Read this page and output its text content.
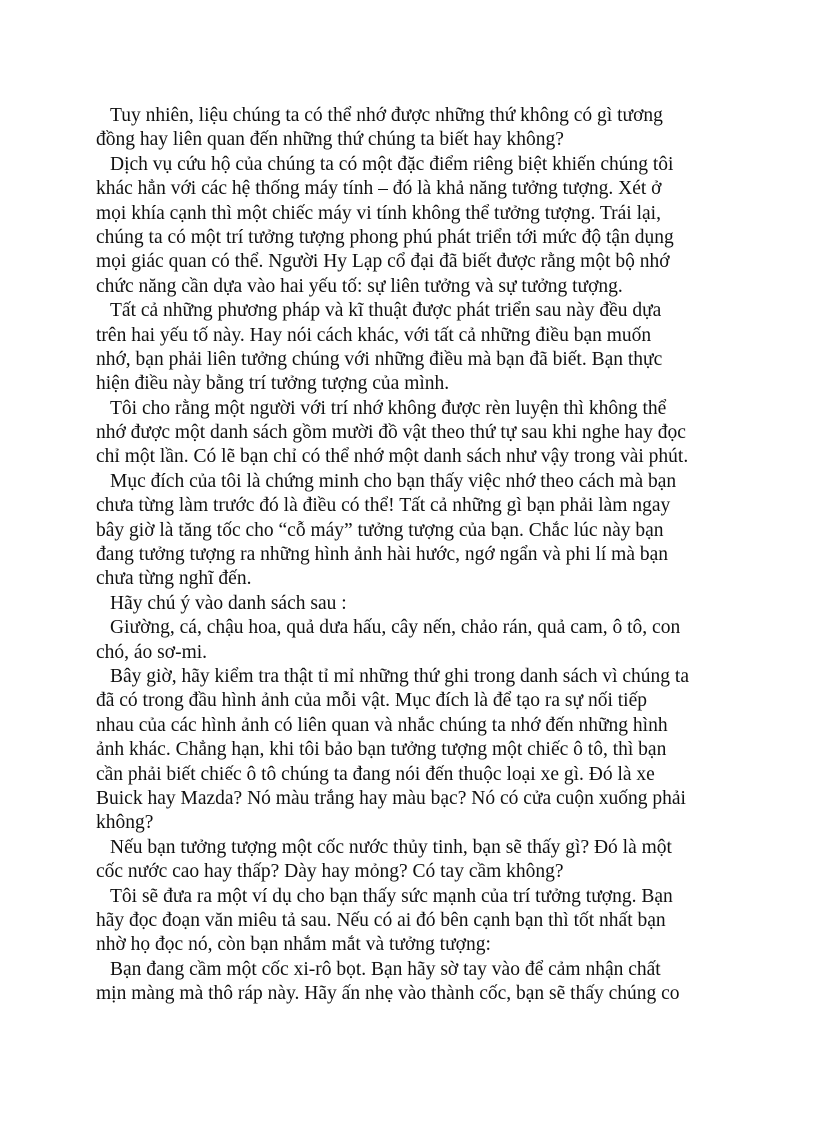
Tuy nhiên, liệu chúng ta có thể nhớ được những thứ không có gì tương
đồng hay liên quan đến những thứ chúng ta biết hay không?
Dịch vụ cứu hộ của chúng ta có một đặc điểm riêng biệt khiến chúng tôi
khác hẳn với các hệ thống máy tính – đó là khả năng tưởng tượng. Xét ở
mọi khía cạnh thì một chiếc máy vi tính không thể tưởng tượng. Trái lại,
chúng ta có một trí tưởng tượng phong phú phát triển tới mức độ tận dụng
mọi giác quan có thể. Người Hy Lạp cổ đại đã biết được rằng một bộ nhớ
chức năng cần dựa vào hai yếu tố: sự liên tưởng và sự tưởng tượng.
Tất cả những phương pháp và kĩ thuật được phát triển sau này đều dựa
trên hai yếu tố này. Hay nói cách khác, với tất cả những điều bạn muốn
nhớ, bạn phải liên tưởng chúng với những điều mà bạn đã biết. Bạn thực
hiện điều này bằng trí tưởng tượng của mình.
Tôi cho rằng một người với trí nhớ không được rèn luyện thì không thể
nhớ được một danh sách gồm mười đồ vật theo thứ tự sau khi nghe hay đọc
chỉ một lần. Có lẽ bạn chỉ có thể nhớ một danh sách như vậy trong vài phút.
Mục đích của tôi là chứng minh cho bạn thấy việc nhớ theo cách mà bạn
chưa từng làm trước đó là điều có thể! Tất cả những gì bạn phải làm ngay
bây giờ là tăng tốc cho “cỗ máy” tưởng tượng của bạn. Chắc lúc này bạn
đang tưởng tượng ra những hình ảnh hài hước, ngớ ngẩn và phi lí mà bạn
chưa từng nghĩ đến.
Hãy chú ý vào danh sách sau :
Giường, cá, chậu hoa, quả dưa hấu, cây nến, chảo rán, quả cam, ô tô, con
chó, áo sơ-mi.
Bây giờ, hãy kiểm tra thật tỉ mỉ những thứ ghi trong danh sách vì chúng ta
đã có trong đầu hình ảnh của mỗi vật. Mục đích là để tạo ra sự nối tiếp
nhau của các hình ảnh có liên quan và nhắc chúng ta nhớ đến những hình
ảnh khác. Chẳng hạn, khi tôi bảo bạn tưởng tượng một chiếc ô tô, thì bạn
cần phải biết chiếc ô tô chúng ta đang nói đến thuộc loại xe gì. Đó là xe
Buick hay Mazda? Nó màu trắng hay màu bạc? Nó có cửa cuộn xuống phải
không?
Nếu bạn tưởng tượng một cốc nước thủy tinh, bạn sẽ thấy gì? Đó là một
cốc nước cao hay thấp? Dày hay mỏng? Có tay cầm không?
Tôi sẽ đưa ra một ví dụ cho bạn thấy sức mạnh của trí tưởng tượng. Bạn
hãy đọc đoạn văn miêu tả sau. Nếu có ai đó bên cạnh bạn thì tốt nhất bạn
nhờ họ đọc nó, còn bạn nhắm mắt và tưởng tượng:
Bạn đang cầm một cốc xi-rô bọt. Bạn hãy sờ tay vào để cảm nhận chất
mịn màng mà thô ráp này. Hãy ấn nhẹ vào thành cốc, bạn sẽ thấy chúng co
